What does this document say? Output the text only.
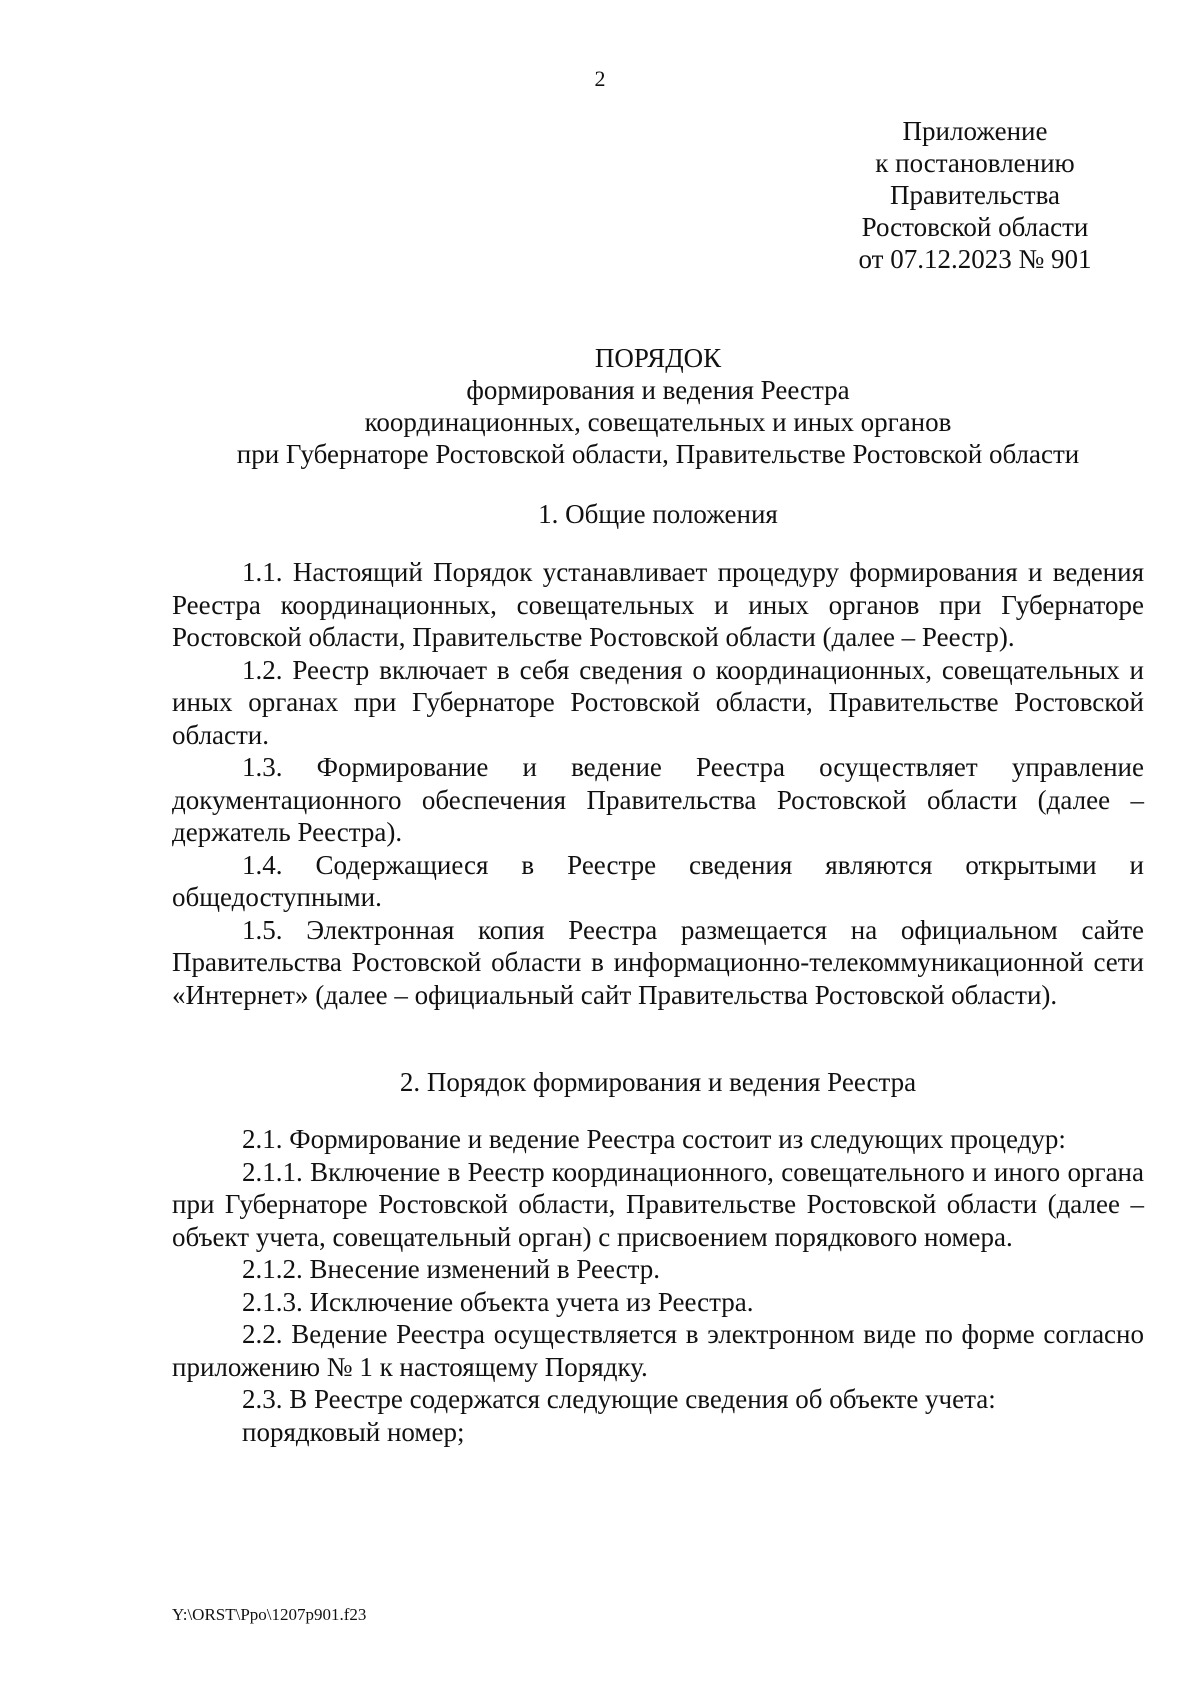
2
Приложение
к постановлению
Правительства
Ростовской области
от 07.12.2023 № 901
ПОРЯДОК
формирования и ведения Реестра
координационных, совещательных и иных органов
при Губернаторе Ростовской области, Правительстве Ростовской области
1. Общие положения

1.1. Настоящий Порядок устанавливает процедуру формирования и ведения Реестра координационных, совещательных и иных органов при Губернаторе Ростовской области, Правительстве Ростовской области (далее – Реестр).

1.2. Реестр включает в себя сведения о координационных, совещательных и иных органах при Губернаторе Ростовской области, Правительстве Ростовской области.

1.3. Формирование и ведение Реестра осуществляет управление документационного обеспечения Правительства Ростовской области (далее – держатель Реестра).

1.4. Содержащиеся в Реестре сведения являются открытыми и общедоступными.

1.5. Электронная копия Реестра размещается на официальном сайте Правительства Ростовской области в информационно-телекоммуникационной сети «Интернет» (далее – официальный сайт Правительства Ростовской области).

2. Порядок формирования и ведения Реестра

2.1. Формирование и ведение Реестра состоит из следующих процедур:

2.1.1. Включение в Реестр координационного, совещательного и иного органа при Губернаторе Ростовской области, Правительстве Ростовской области (далее – объект учета, совещательный орган) с присвоением порядкового номера.

2.1.2. Внесение изменений в Реестр.

2.1.3. Исключение объекта учета из Реестра.

2.2. Ведение Реестра осуществляется в электронном виде по форме согласно приложению № 1 к настоящему Порядку.

2.3. В Реестре содержатся следующие сведения об объекте учета:

порядковый номер;

Y:\ORST\Ppo\1207p901.f23
